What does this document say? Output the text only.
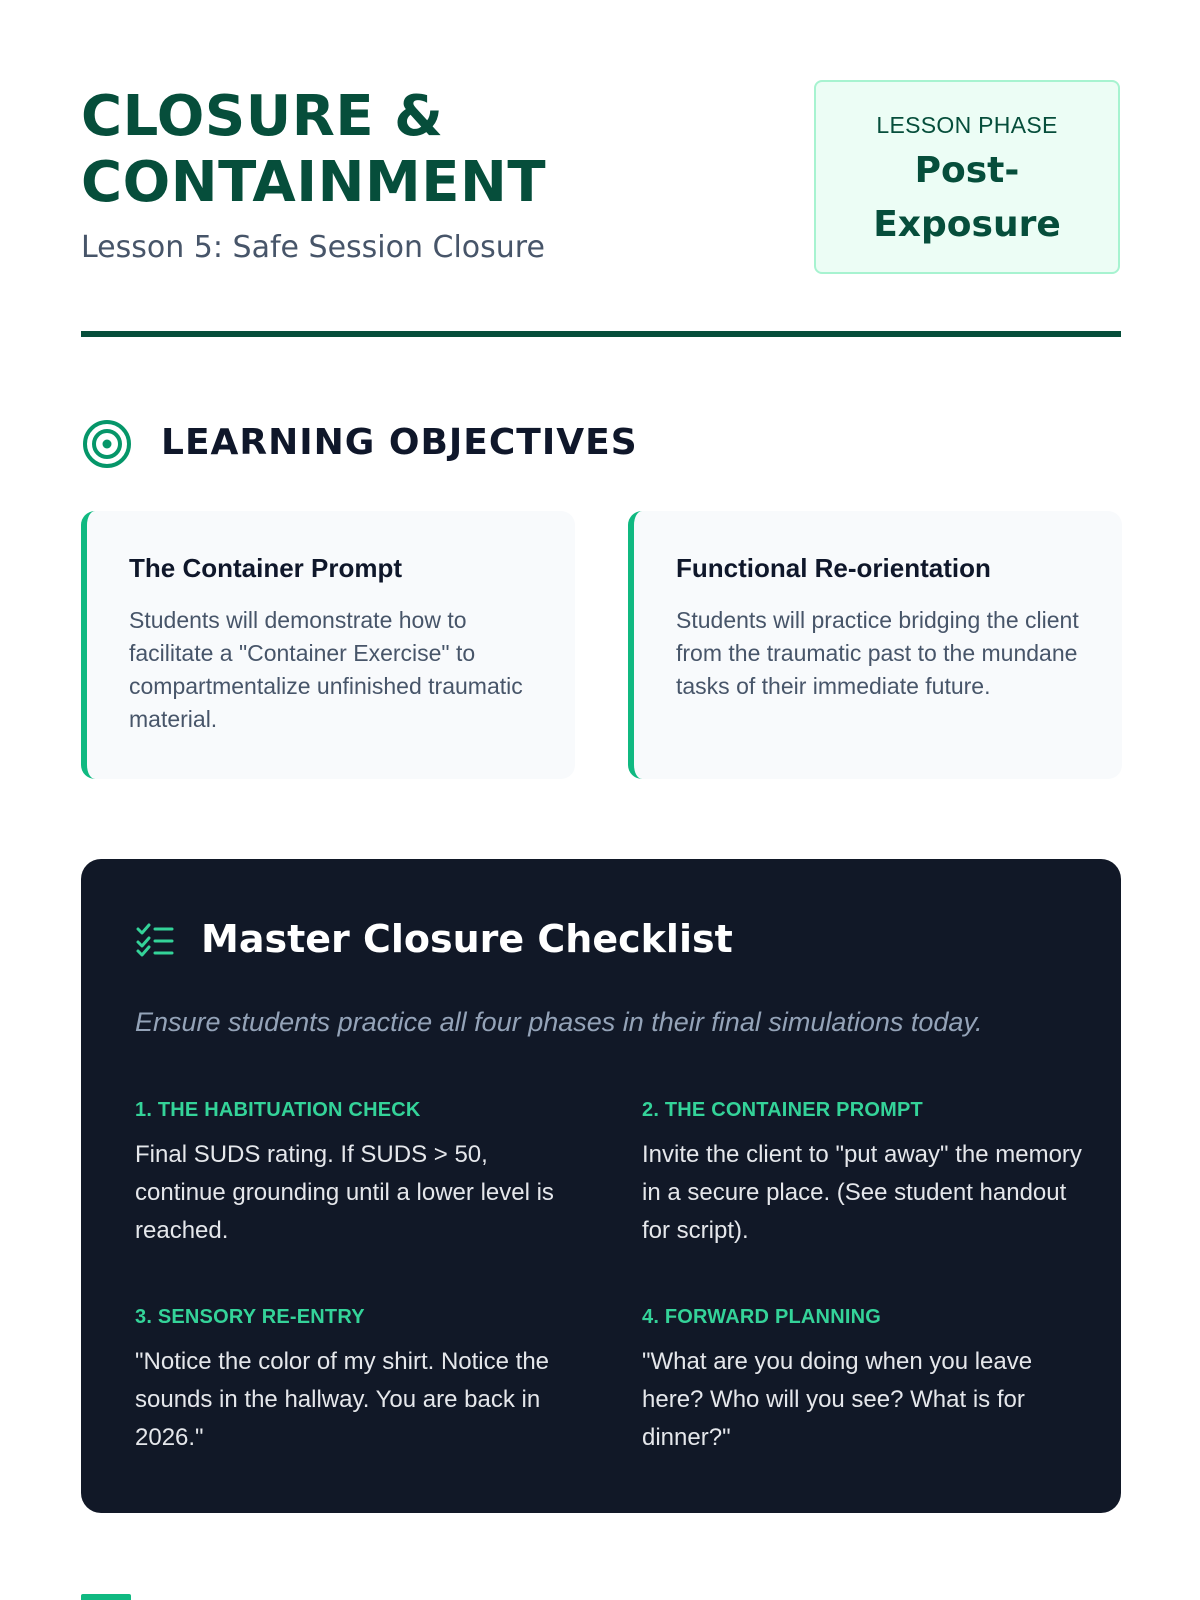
CLOSURE &
CONTAINMENT
Lesson 5: Safe Session Closure
LESSON PHASE
Post-Exposure
LEARNING OBJECTIVES
The Container Prompt

Students will demonstrate how to facilitate a "Container Exercise" to compartmentalize unfinished traumatic material.

Functional Re-orientation

Students will practice bridging the client from the traumatic past to the mundane tasks of their immediate future.

Master Closure Checklist
Ensure students practice all four phases in their final simulations today.
1. THE HABITUATION CHECK
Final SUDS rating. If SUDS > 50, continue grounding until a lower level is reached.
2. THE CONTAINER PROMPT
Invite the client to "put away" the memory in a secure place. (See student handout for script).
3. SENSORY RE-ENTRY
"Notice the color of my shirt. Notice the sounds in the hallway. You are back in 2026."
4. FORWARD PLANNING
"What are you doing when you leave here? Who will you see? What is for dinner?"
